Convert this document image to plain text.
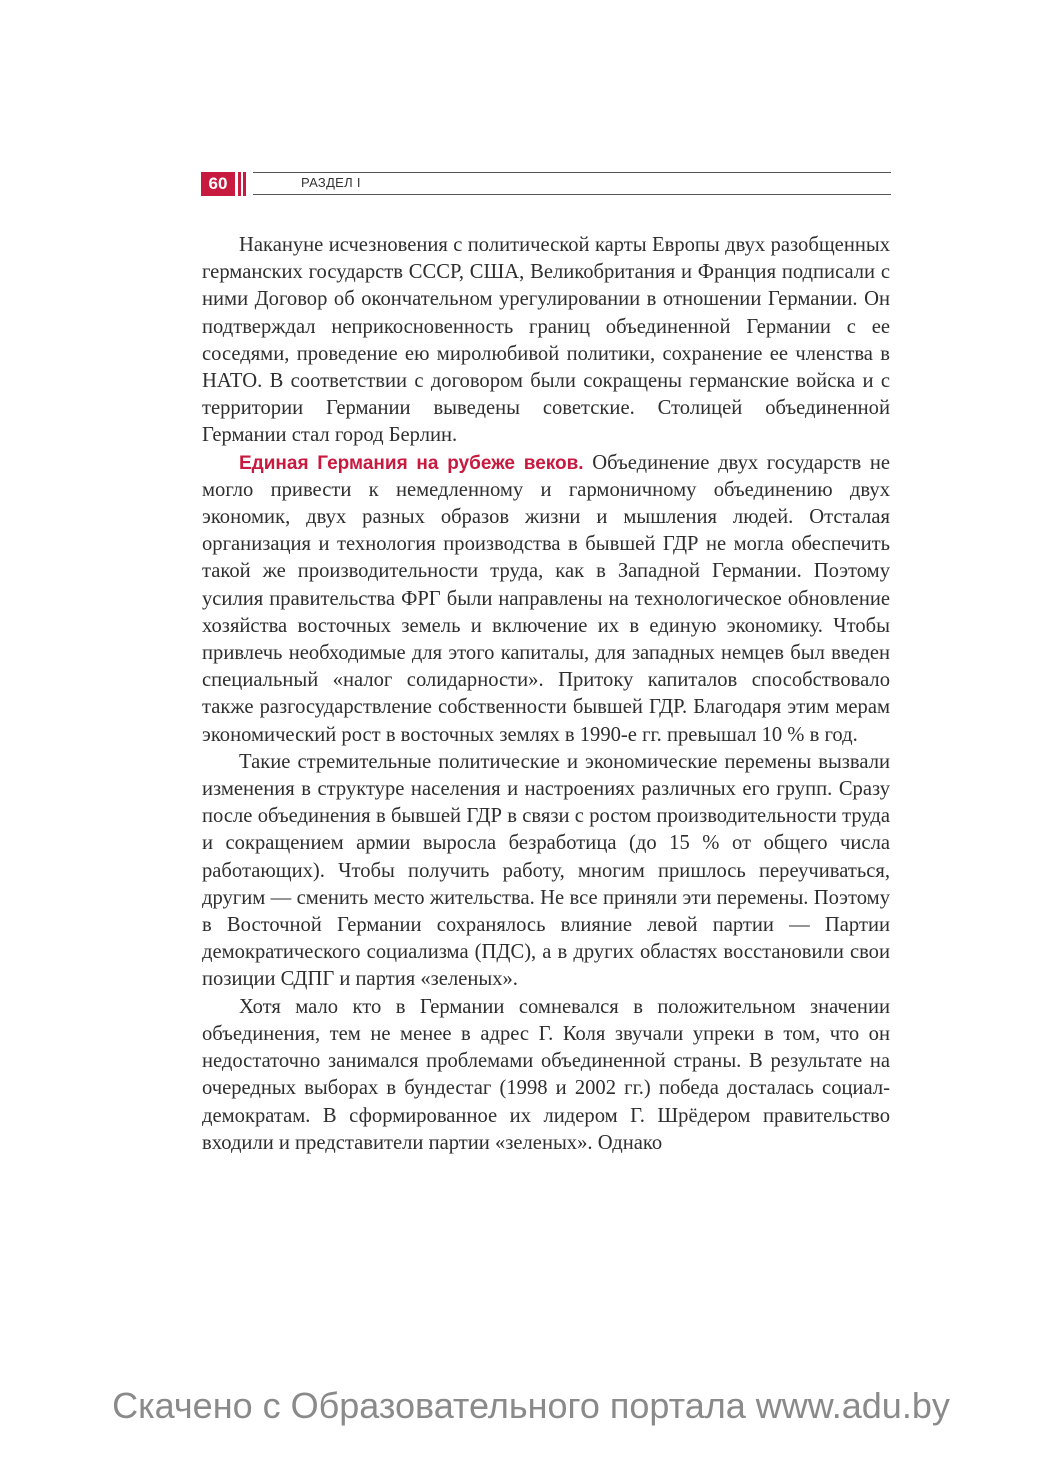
60	РАЗДЕЛ I

Накануне исчезновения с политической карты Европы двух разобщенных германских государств СССР, США, Великобритания и Франция подписали с ними Договор об окончательном урегулировании в отношении Германии. Он подтверждал неприкосновенность границ объединенной Германии с ее соседями, проведение ею миролюбивой политики, сохранение ее членства в НАТО. В соответствии с договором были сокращены германские войска и с территории Германии выведены советские. Столицей объединенной Германии стал город Берлин.

Единая Германия на рубеже веков. Объединение двух государств не могло привести к немедленному и гармоничному объединению двух экономик, двух разных образов жизни и мышления людей. Отсталая организация и технология производства в бывшей ГДР не могла обеспечить такой же производительности труда, как в Западной Германии. Поэтому усилия правительства ФРГ были направлены на технологическое обновление хозяйства восточных земель и включение их в единую экономику. Чтобы привлечь необходимые для этого капиталы, для западных немцев был введен специальный «налог солидарности». Притоку капиталов способствовало также разгосударствление собственности бывшей ГДР. Благодаря этим мерам экономический рост в восточных землях в 1990-е гг. превышал 10 % в год.

Такие стремительные политические и экономические перемены вызвали изменения в структуре населения и настроениях различных его групп. Сразу после объединения в бывшей ГДР в связи с ростом производительности труда и сокращением армии выросла безработица (до 15 % от общего числа работающих). Чтобы получить работу, многим пришлось переучиваться, другим — сменить место жительства. Не все приняли эти перемены. Поэтому в Восточной Германии сохранялось влияние левой партии — Партии демократического социализма (ПДС), а в других областях восстановили свои позиции СДПГ и партия «зеленых».

Хотя мало кто в Германии сомневался в положительном значении объединения, тем не менее в адрес Г. Коля звучали упреки в том, что он недостаточно занимался проблемами объединенной страны. В результате на очередных выборах в бундестаг (1998 и 2002 гг.) победа досталась социал-демократам. В сформированное их лидером Г. Шрёдером правительство входили и представители партии «зеленых». Однако

Скачено с Образовательного портала www.adu.by
